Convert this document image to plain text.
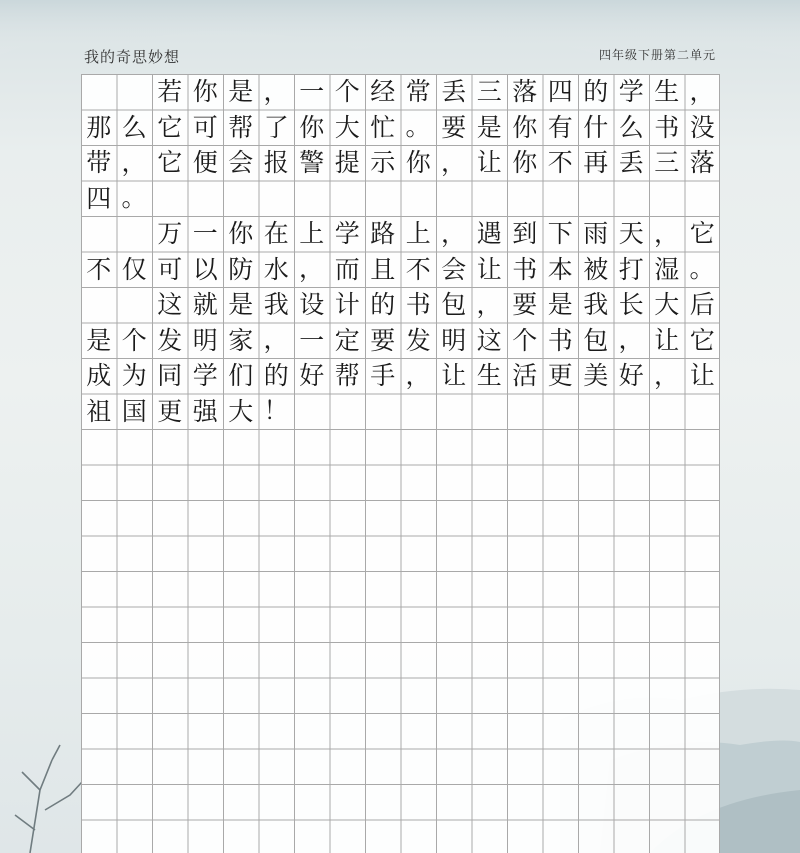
我的奇思妙想	四年级下册第二单元
若 你 是 ， 一 个 经 常 丢 三 落 四 的 学 生 ，
那 么 它 可 帮 了 你 大 忙 。 要 是 你 有 什 么 书 没
带 ， 它 便 会 报 警 提 示 你 ， 让 你 不 再 丢 三 落
四 。
万 一 你 在 上 学 路 上 ， 遇 到 下 雨 天 ， 它
不 仅 可 以 防 水 ， 而 且 不 会 让 书 本 被 打 湿 。
这 就 是 我 设 计 的 书 包 ， 要 是 我 长 大 后
是 个 发 明 家 ， 一 定 要 发 明 这 个 书 包 ， 让 它
成 为 同 学 们 的 好 帮 手 ， 让 生 活 更 美 好 ， 让
祖 国 更 强 大 ！
